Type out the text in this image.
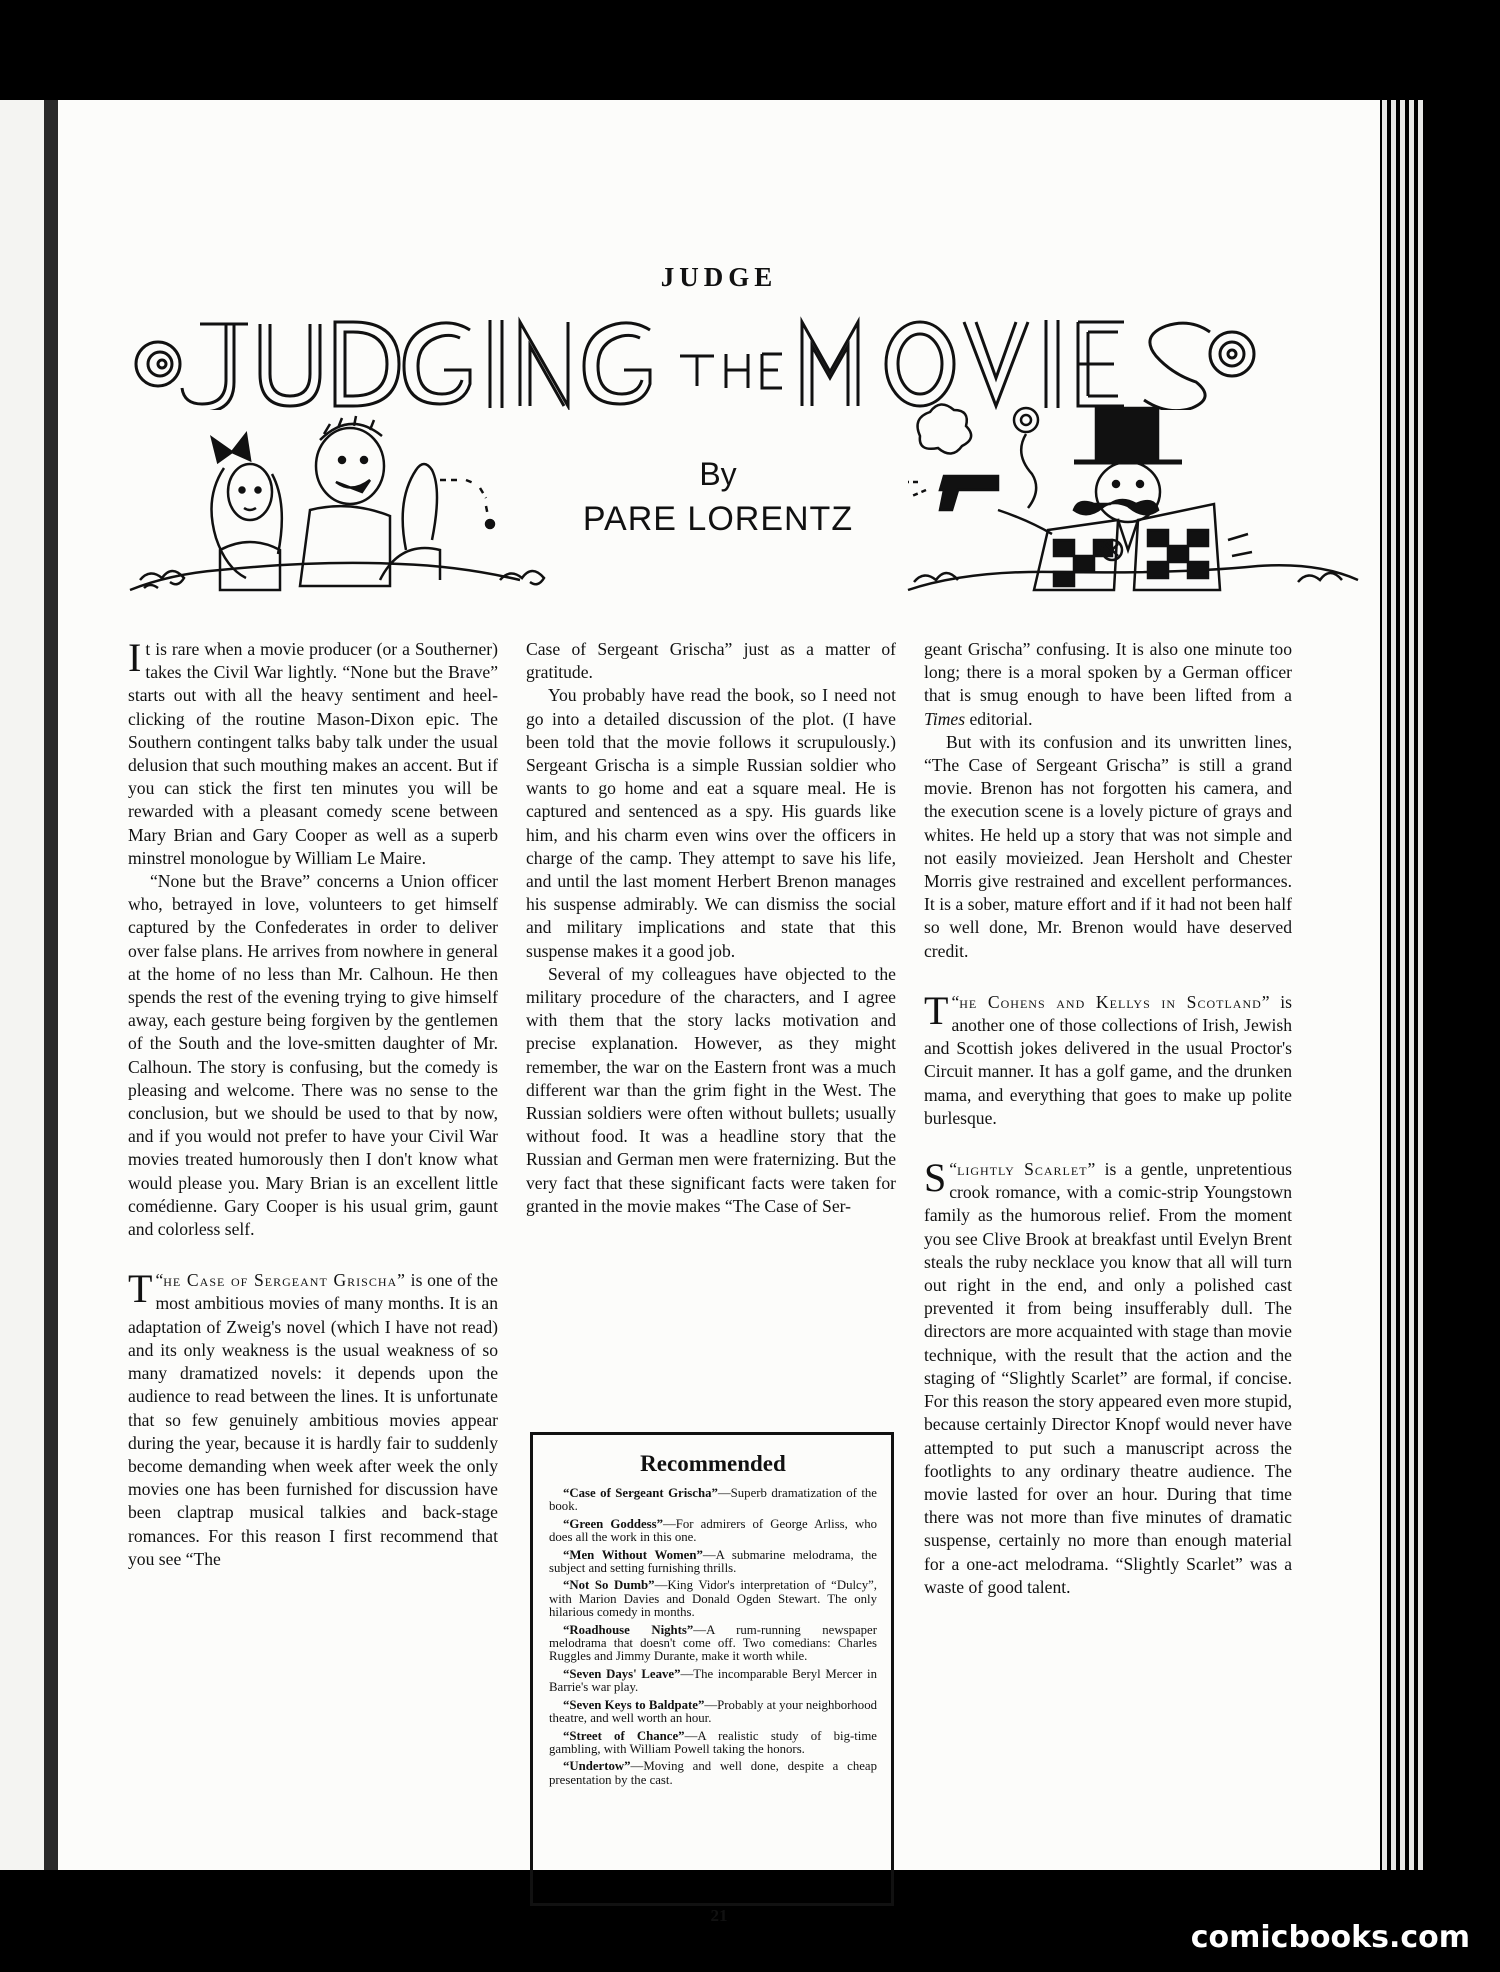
JUDGE
By
PARE LORENTZ

It is rare when a movie producer (or a Southerner) takes the Civil War lightly. “None but the Brave” starts out with all the heavy sentiment and heel-clicking of the routine Mason-Dixon epic. The Southern contingent talks baby talk under the usual delusion that such mouthing makes an accent. But if you can stick the first ten minutes you will be rewarded with a pleasant comedy scene between Mary Brian and Gary Cooper as well as a superb minstrel monologue by William Le Maire.

“None but the Brave” concerns a Union officer who, betrayed in love, volunteers to get himself captured by the Confederates in order to deliver over false plans. He arrives from nowhere in general at the home of no less than Mr. Calhoun. He then spends the rest of the evening trying to give himself away, each gesture being forgiven by the gentlemen of the South and the love-smitten daughter of Mr. Calhoun. The story is confusing, but the comedy is pleasing and welcome. There was no sense to the conclusion, but we should be used to that by now, and if you would not prefer to have your Civil War movies treated humorously then I don't know what would please you. Mary Brian is an excellent little comédienne. Gary Cooper is his usual grim, gaunt and colorless self.

“
T he Case of Sergeant Grischa” is one of the most ambitious movies of many months. It is an adaptation of Zweig's novel (which I have not read) and its only weakness is the usual weakness of so many dramatized novels: it depends upon the audience to read between the lines. It is unfortunate that so few genuinely ambitious movies appear during the year, because it is hardly fair to suddenly become demanding when week after week the only movies one has been furnished for discussion have been claptrap musical talkies and back-stage romances. For this reason I first recommend that you see “The

Case of Sergeant Grischa” just as a matter of gratitude.

You probably have read the book, so I need not go into a detailed discussion of the plot. (I have been told that the movie follows it scrupulously.) Sergeant Grischa is a simple Russian soldier who wants to go home and eat a square meal. He is captured and sentenced as a spy. His guards like him, and his charm even wins over the officers in charge of the camp. They attempt to save his life, and until the last moment Herbert Brenon manages his suspense admirably. We can dismiss the social and military implications and state that this suspense makes it a good job.

Several of my colleagues have objected to the military procedure of the characters, and I agree with them that the story lacks motivation and precise explanation. However, as they might remember, the war on the Eastern front was a much different war than the grim fight in the West. The Russian soldiers were often without bullets; usually without food. It was a headline story that the Russian and German men were fraternizing. But the very fact that these significant facts were taken for granted in the movie makes “The Case of Ser-

Recommended
“Case of Sergeant Grischa”—Superb dramatization of the book.
“Green Goddess”—For admirers of George Arliss, who does all the work in this one.
“Men Without Women”—A submarine melodrama, the subject and setting furnishing thrills.
“Not So Dumb”—King Vidor's interpretation of “Dulcy”, with Marion Davies and Donald Ogden Stewart. The only hilarious comedy in months.
“Roadhouse Nights”—A rum-running newspaper melodrama that doesn't come off. Two comedians: Charles Ruggles and Jimmy Durante, make it worth while.
“Seven Days' Leave”—The incomparable Beryl Mercer in Barrie's war play.
“Seven Keys to Baldpate”—Probably at your neighborhood theatre, and well worth an hour.
“Street of Chance”—A realistic study of big-time gambling, with William Powell taking the honors.
“Undertow”—Moving and well done, despite a cheap presentation by the cast.

geant Grischa” confusing. It is also one minute too long; there is a moral spoken by a German officer that is smug enough to have been lifted from a Times editorial.

But with its confusion and its unwritten lines, “The Case of Sergeant Grischa” is still a grand movie. Brenon has not forgotten his camera, and the execution scene is a lovely picture of grays and whites. He held up a story that was not simple and not easily movieized. Jean Hersholt and Chester Morris give restrained and excellent performances. It is a sober, mature effort and if it had not been half so well done, Mr. Brenon would have deserved credit.

“
T he Cohens and Kellys in Scotland” is another one of those collections of Irish, Jewish and Scottish jokes delivered in the usual Proctor's Circuit manner. It has a golf game, and the drunken mama, and everything that goes to make up polite burlesque.

“
S lightly Scarlet” is a gentle, unpretentious crook romance, with a comic-strip Youngstown family as the humorous relief. From the moment you see Clive Brook at breakfast until Evelyn Brent steals the ruby necklace you know that all will turn out right in the end, and only a polished cast prevented it from being insufferably dull. The directors are more acquainted with stage than movie technique, with the result that the action and the staging of “Slightly Scarlet” are formal, if concise. For this reason the story appeared even more stupid, because certainly Director Knopf would never have attempted to put such a manuscript across the footlights to any ordinary theatre audience. The movie lasted for over an hour. During that time there was not more than five minutes of dramatic suspense, certainly no more than enough material for a one-act melodrama. “Slightly Scarlet” was a waste of good talent.

21
comicbooks.com
